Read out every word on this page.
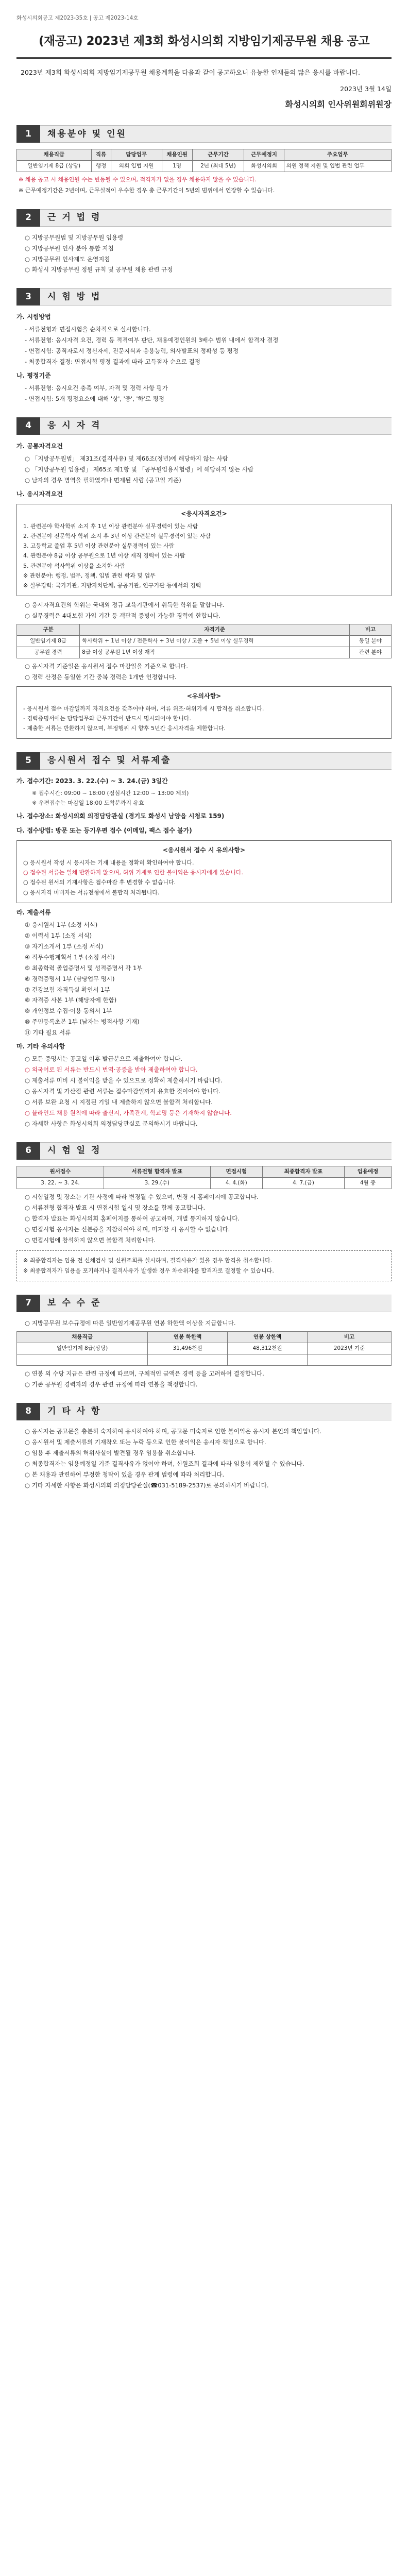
화성시의회공고 제2023-35호 | 공고 제2023-14호
(재공고) 2023년 제3회 화성시의회 지방임기제공무원 채용 공고
2023년 제3회 화성시의회 지방임기제공무원 채용계획을 다음과 같이 공고하오니 유능한 인재들의 많은 응시를 바랍니다.
2023년 3월 14일
화성시의회 인사위원회위원장
1	채용분야 및 인원
채용직급	직류	담당업무	채용인원	근무기간	근무예정지	주요업무
일반임기제 8급 (상당)	행정	의회 입법 지원	1명	2년 (최대 5년)	화성시의회	의원 정책 지원 및 입법 관련 업무
※ 채용 공고 시 채용인원 수는 변동될 수 있으며, 적격자가 없을 경우 채용하지 않을 수 있습니다.
※ 근무예정기간은 2년이며, 근무실적이 우수한 경우 총 근무기간이 5년의 범위에서 연장할 수 있습니다.
2	근 거 법 령
○ 지방공무원법 및 지방공무원 임용령
○ 지방공무원 인사 분야 통합 지침
○ 지방공무원 인사제도 운영지침
○ 화성시 지방공무원 정원 규칙 및 공무원 채용 관련 규정
3	시 험 방 법
가. 시험방법
- 서류전형과 면접시험을 순차적으로 실시합니다.
- 서류전형: 응시자격 요건, 경력 등 적격여부 판단, 채용예정인원의 3배수 범위 내에서 합격자 결정
- 면접시험: 공직자로서 정신자세, 전문지식과 응용능력, 의사발표의 정확성 등 평정
- 최종합격자 결정: 면접시험 평정 결과에 따라 고득점자 순으로 결정
나. 평정기준
- 서류전형: 응시요건 충족 여부, 자격 및 경력 사항 평가
- 면접시험: 5개 평정요소에 대해 '상', '중', '하'로 평정
4	응 시 자 격
가. 공통자격요건
○ 「지방공무원법」 제31조(결격사유) 및 제66조(정년)에 해당하지 않는 사람
○ 「지방공무원 임용령」 제65조 제1항 및 「공무원임용시험령」에 해당하지 않는 사람
○ 남자의 경우 병역을 필하였거나 면제된 사람 (공고일 기준)
나. 응시자격요건
<응시자격요건>
1. 관련분야 학사학위 소지 후 1년 이상 관련분야 실무경력이 있는 사람
2. 관련분야 전문학사 학위 소지 후 3년 이상 관련분야 실무경력이 있는 사람
3. 고등학교 졸업 후 5년 이상 관련분야 실무경력이 있는 사람
4. 관련분야 8급 이상 공무원으로 1년 이상 재직 경력이 있는 사람
5. 관련분야 석사학위 이상을 소지한 사람
※ 관련분야: 행정, 법무, 정책, 입법 관련 학과 및 업무
※ 실무경력: 국가기관, 지방자치단체, 공공기관, 연구기관 등에서의 경력
○ 응시자격요건의 학위는 국내외 정규 교육기관에서 취득한 학위를 말합니다.
○ 실무경력은 4대보험 가입 기간 등 객관적 증빙이 가능한 경력에 한합니다.
구분	자격기준	비고
일반임기제 8급	학사학위 + 1년 이상 / 전문학사 + 3년 이상 / 고졸 + 5년 이상 실무경력	동일 분야
공무원 경력	8급 이상 공무원 1년 이상 재직	관련 분야
○ 응시자격 기준일은 응시원서 접수 마감일을 기준으로 합니다.
○ 경력 산정은 동일한 기간 중복 경력은 1개만 인정합니다.
<유의사항>
- 응시원서 접수 마감일까지 자격요건을 갖추어야 하며, 서류 위조·허위기재 시 합격을 취소합니다.
- 경력증명서에는 담당업무와 근무기간이 반드시 명시되어야 합니다.
- 제출한 서류는 반환하지 않으며, 부정행위 시 향후 5년간 응시자격을 제한합니다.
5	응시원서 접수 및 서류제출
가. 접수기간: 2023. 3. 22.(수) ~ 3. 24.(금) 3일간
※ 접수시간: 09:00 ~ 18:00 (점심시간 12:00 ~ 13:00 제외)
※ 우편접수는 마감일 18:00 도착분까지 유효
나. 접수장소: 화성시의회 의정담당관실 (경기도 화성시 남양읍 시청로 159)
다. 접수방법: 방문 또는 등기우편 접수 (이메일, 팩스 접수 불가)
<응시원서 접수 시 유의사항>
○ 응시원서 작성 시 응시자는 기재 내용을 정확히 확인하여야 합니다.
○ 접수된 서류는 일체 반환하지 않으며, 허위 기재로 인한 불이익은 응시자에게 있습니다.
○ 접수된 원서의 기재사항은 접수마감 후 변경할 수 없습니다.
○ 응시자격 미비자는 서류전형에서 불합격 처리됩니다.
라. 제출서류
① 응시원서 1부 (소정 서식)
② 이력서 1부 (소정 서식)
③ 자기소개서 1부 (소정 서식)
④ 직무수행계획서 1부 (소정 서식)
⑤ 최종학력 졸업증명서 및 성적증명서 각 1부
⑥ 경력증명서 1부 (담당업무 명시)
⑦ 건강보험 자격득실 확인서 1부
⑧ 자격증 사본 1부 (해당자에 한함)
⑨ 개인정보 수집·이용 동의서 1부
⑩ 주민등록초본 1부 (남자는 병적사항 기재)
⑪ 기타 필요 서류
마. 기타 유의사항
○ 모든 증명서는 공고일 이후 발급분으로 제출하여야 합니다.
○ 외국어로 된 서류는 반드시 번역·공증을 받아 제출하여야 합니다.
○ 제출서류 미비 시 불이익을 받을 수 있으므로 정확히 제출하시기 바랍니다.
○ 응시자격 및 가산점 관련 서류는 접수마감일까지 유효한 것이어야 합니다.
○ 서류 보완 요청 시 지정된 기일 내 제출하지 않으면 불합격 처리합니다.
○ 블라인드 채용 원칙에 따라 출신지, 가족관계, 학교명 등은 기재하지 않습니다.
○ 자세한 사항은 화성시의회 의정담당관실로 문의하시기 바랍니다.
6	시 험 일 정
원서접수	서류전형 합격자 발표	면접시험	최종합격자 발표	임용예정
3. 22. ~ 3. 24.	3. 29.(수)	4. 4.(화)	4. 7.(금)	4월 중
○ 시험일정 및 장소는 기관 사정에 따라 변경될 수 있으며, 변경 시 홈페이지에 공고합니다.
○ 서류전형 합격자 발표 시 면접시험 일시 및 장소를 함께 공고합니다.
○ 합격자 발표는 화성시의회 홈페이지를 통하여 공고하며, 개별 통지하지 않습니다.
○ 면접시험 응시자는 신분증을 지참하여야 하며, 미지참 시 응시할 수 없습니다.
○ 면접시험에 참석하지 않으면 불합격 처리합니다.
※ 최종합격자는 임용 전 신체검사 및 신원조회를 실시하며, 결격사유가 있을 경우 합격을 취소합니다.
※ 최종합격자가 임용을 포기하거나 결격사유가 발생한 경우 차순위자를 합격자로 결정할 수 있습니다.
7	보 수 수 준
○ 지방공무원 보수규정에 따른 일반임기제공무원 연봉 하한액 이상을 지급합니다.
채용직급	연봉 하한액	연봉 상한액	비고
일반임기제 8급(상당)	31,496천원	48,312천원	2023년 기준

○ 연봉 외 수당 지급은 관련 규정에 따르며, 구체적인 금액은 경력 등을 고려하여 결정합니다.
○ 기존 공무원 경력자의 경우 관련 규정에 따라 연봉을 책정합니다.
8	기 타 사 항
○ 응시자는 공고문을 충분히 숙지하여 응시하여야 하며, 공고문 미숙지로 인한 불이익은 응시자 본인의 책임입니다.
○ 응시원서 및 제출서류의 기재착오 또는 누락 등으로 인한 불이익은 응시자 책임으로 합니다.
○ 임용 후 제출서류의 허위사실이 발견될 경우 임용을 취소합니다.
○ 최종합격자는 임용예정일 기준 결격사유가 없어야 하며, 신원조회 결과에 따라 임용이 제한될 수 있습니다.
○ 본 채용과 관련하여 부정한 청탁이 있을 경우 관계 법령에 따라 처리합니다.
○ 기타 자세한 사항은 화성시의회 의정담당관실(☎031-5189-2537)로 문의하시기 바랍니다.
